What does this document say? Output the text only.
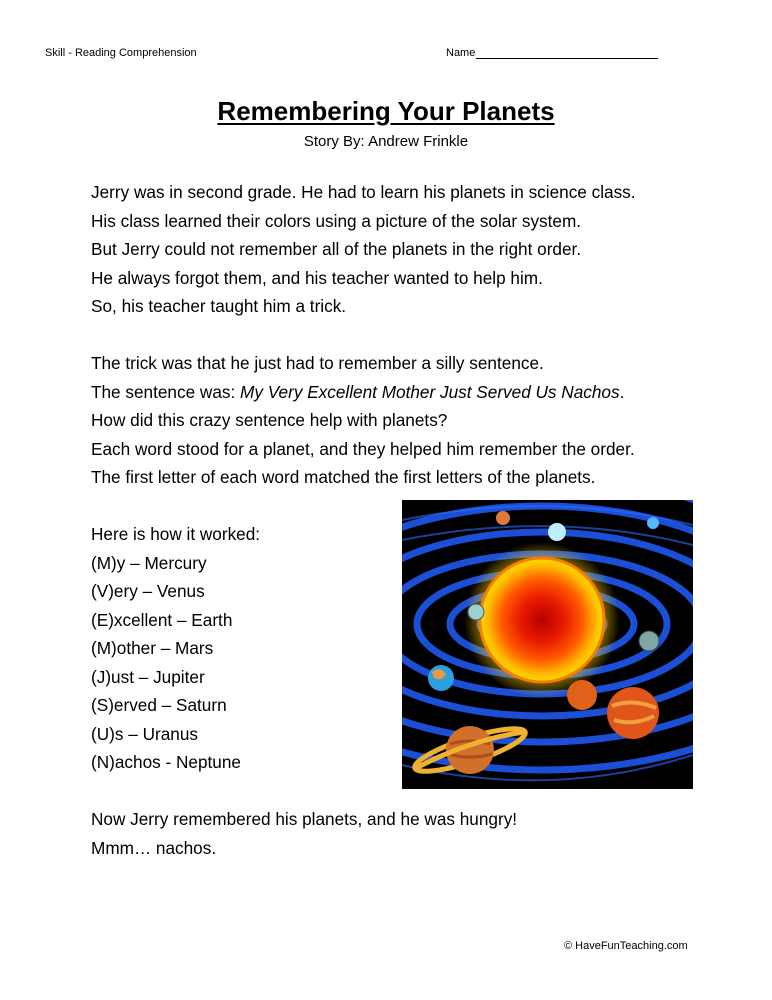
Skill - Reading Comprehension	Name
Remembering Your Planets
Story By: Andrew Frinkle

Jerry was in second grade. He had to learn his planets in science class.

His class learned their colors using a picture of the solar system.

But Jerry could not remember all of the planets in the right order.

He always forgot them, and his teacher wanted to help him.

So, his teacher taught him a trick.

The trick was that he just had to remember a silly sentence.

The sentence was: My Very Excellent Mother Just Served Us Nachos.

How did this crazy sentence help with planets?

Each word stood for a planet, and they helped him remember the order.

The first letter of each word matched the first letters of the planets.

Here is how it worked:

(M)y – Mercury

(V)ery – Venus

(E)xcellent – Earth

(M)other – Mars

(J)ust – Jupiter

(S)erved – Saturn

(U)s – Uranus

(N)achos - Neptune

Now Jerry remembered his planets, and he was hungry!

Mmm… nachos.

© HaveFunTeaching.com
